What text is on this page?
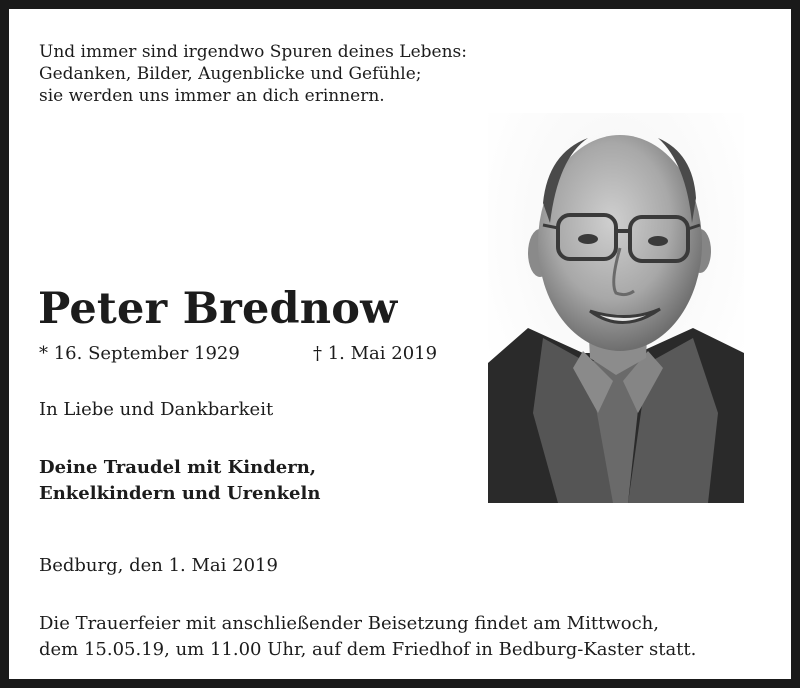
Und immer sind irgendwo Spuren deines Lebens:
Gedanken, Bilder, Augenblicke und Gefühle;
sie werden uns immer an dich erinnern.
Peter Brednow
* 16. September 1929	† 1. Mai 2019
In Liebe und Dankbarkeit
Deine Traudel mit Kindern,
Enkelkindern und Urenkeln
Bedburg, den 1. Mai 2019
Die Trauerfeier mit anschließender Beisetzung findet am Mittwoch,
dem 15.05.19, um 11.00 Uhr, auf dem Friedhof in Bedburg-Kaster statt.
